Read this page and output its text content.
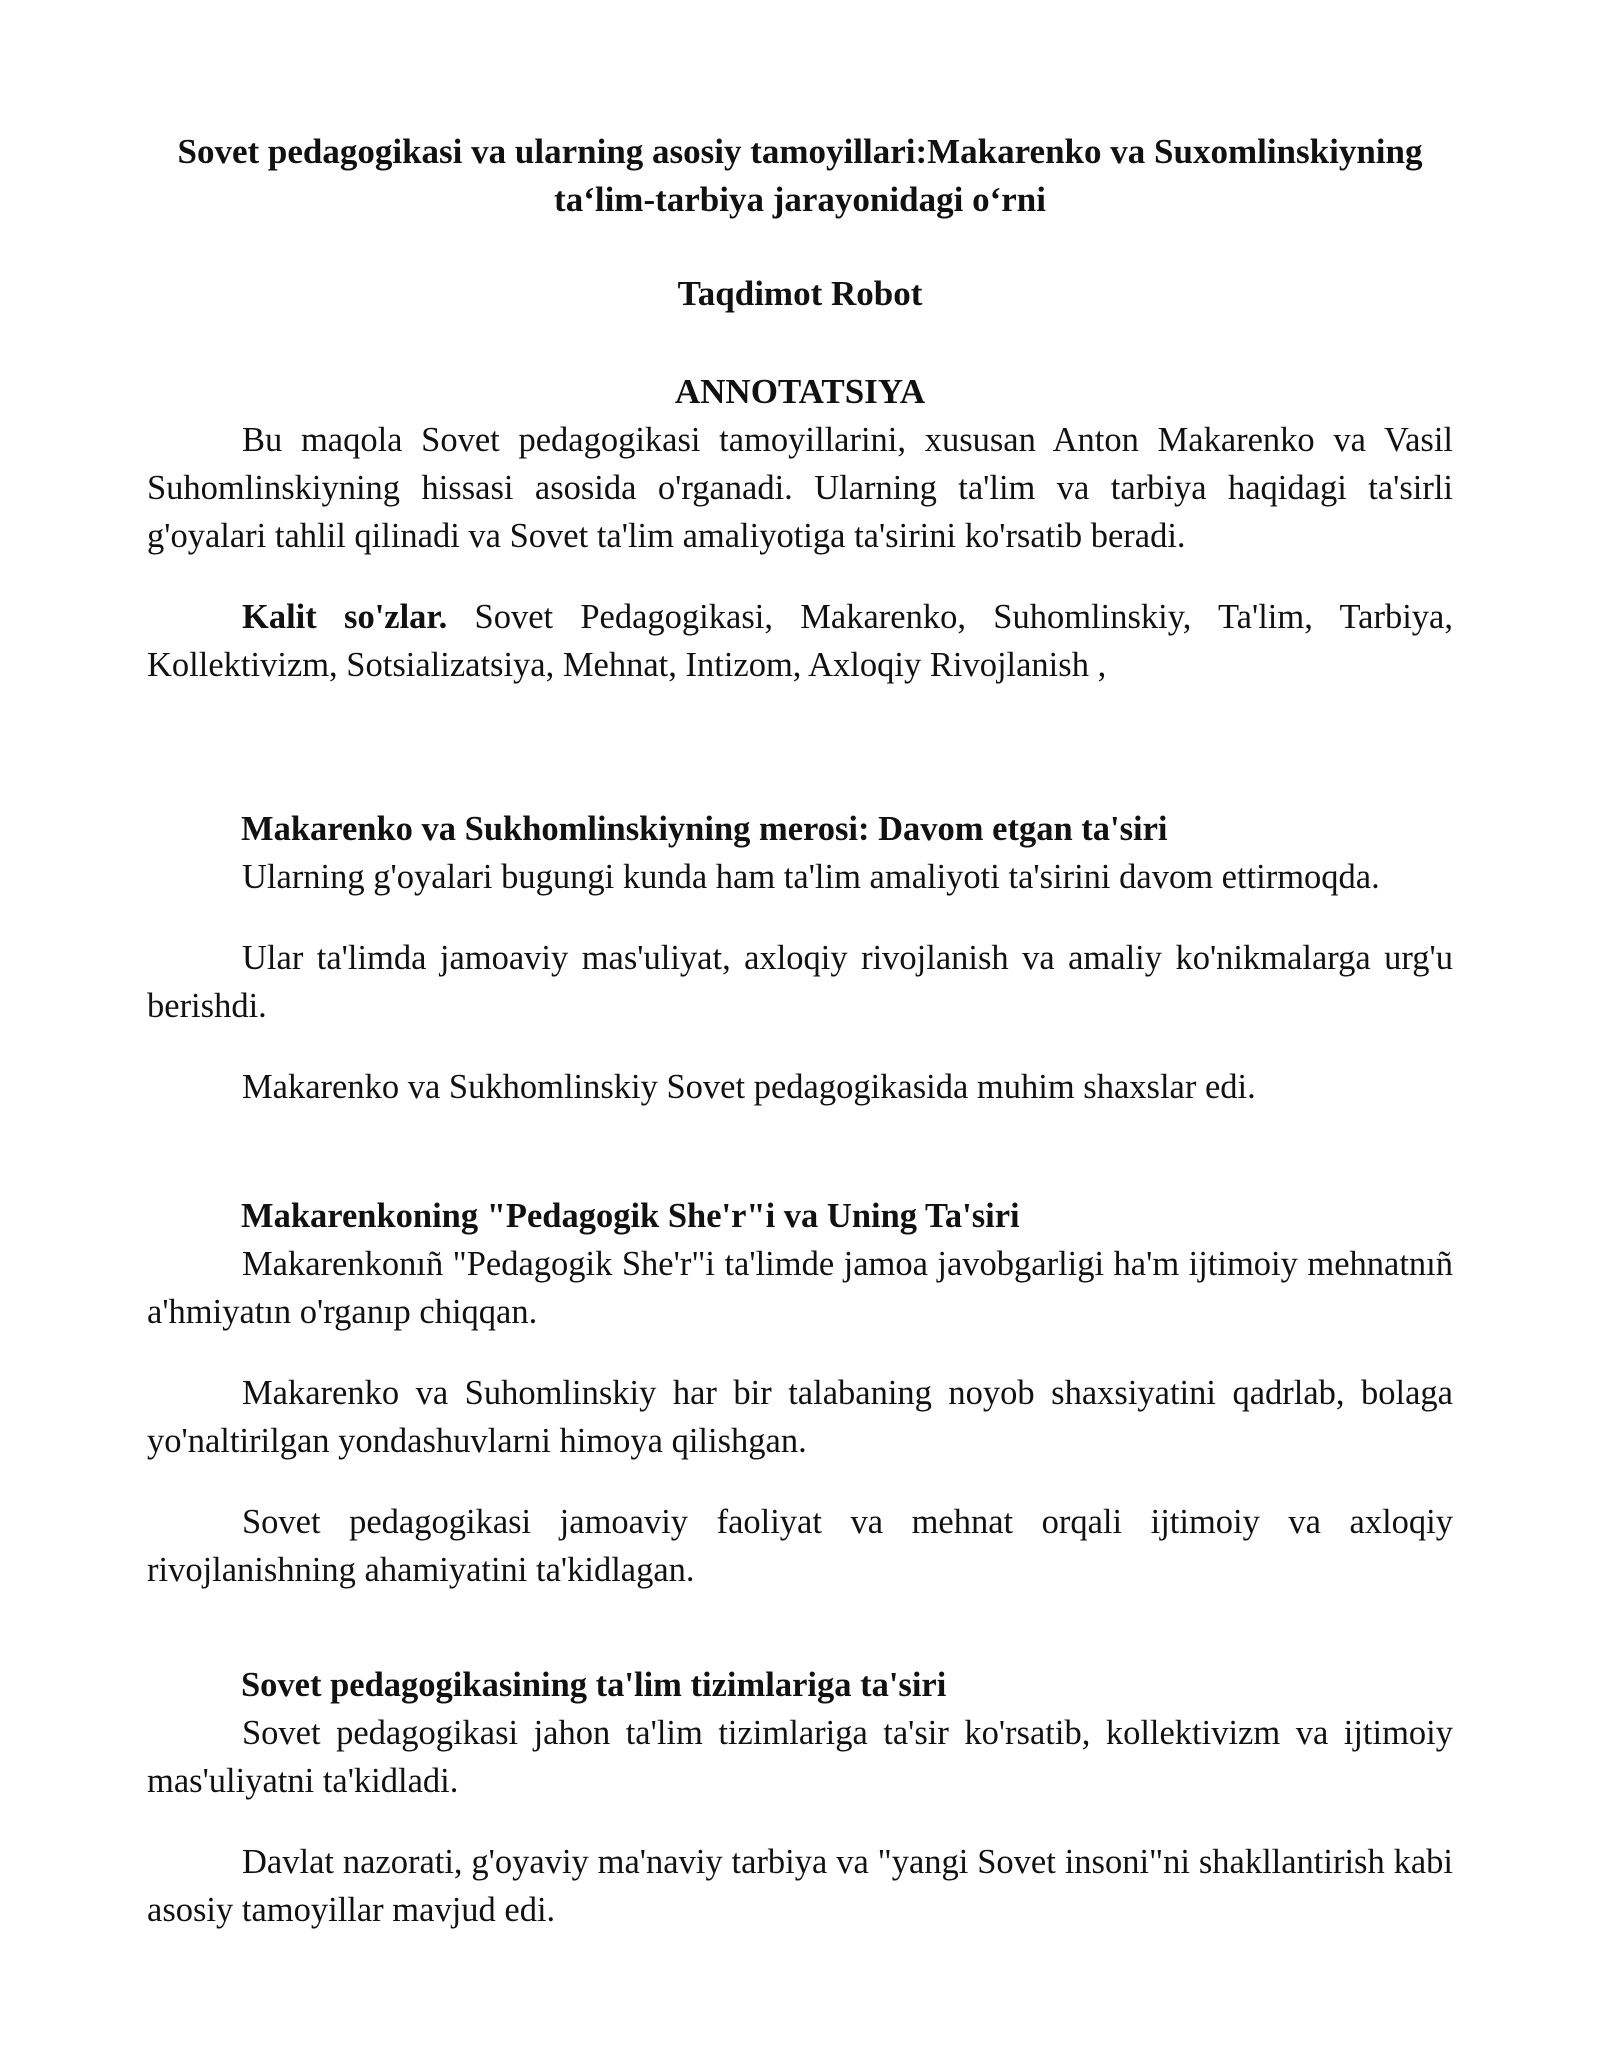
Sovet pedagogikasi va ularning asosiy tamoyillari:Makarenko va Suxomlinskiyning ta‘lim-tarbiya jarayonidagi o‘rni
Taqdimot Robot
ANNOTATSIYA

Bu maqola Sovet pedagogikasi tamoyillarini, xususan Anton Makarenko va Vasil Suhomlinskiyning hissasi asosida o'rganadi. Ularning ta'lim va tarbiya haqidagi ta'sirli g'oyalari tahlil qilinadi va Sovet ta'lim amaliyotiga ta'sirini ko'rsatib beradi.

Kalit so'zlar. Sovet Pedagogikasi, Makarenko, Suhomlinskiy, Ta'lim, Tarbiya, Kollektivizm, Sotsializatsiya, Mehnat, Intizom, Axloqiy Rivojlanish ,

Makarenko va Sukhomlinskiyning merosi: Davom etgan ta'siri

Ularning g'oyalari bugungi kunda ham ta'lim amaliyoti ta'sirini davom ettirmoqda.

Ular ta'limda jamoaviy mas'uliyat, axloqiy rivojlanish va amaliy ko'nikmalarga urg'u berishdi.

Makarenko va Sukhomlinskiy Sovet pedagogikasida muhim shaxslar edi.

Makarenkoning "Pedagogik She'r"i va Uning Ta'siri

Makarenkonıñ "Pedagogik She'r"i ta'limde jamoa javobgarligi ha'm ijtimoiy mehnatnıñ a'hmiyatın o'rganıp chiqqan.

Makarenko va Suhomlinskiy har bir talabaning noyob shaxsiyatini qadrlab, bolaga yo'naltirilgan yondashuvlarni himoya qilishgan.

Sovet pedagogikasi jamoaviy faoliyat va mehnat orqali ijtimoiy va axloqiy rivojlanishning ahamiyatini ta'kidlagan.

Sovet pedagogikasining ta'lim tizimlariga ta'siri

Sovet pedagogikasi jahon ta'lim tizimlariga ta'sir ko'rsatib, kollektivizm va ijtimoiy mas'uliyatni ta'kidladi.

Davlat nazorati, g'oyaviy ma'naviy tarbiya va "yangi Sovet insoni"ni shakllantirish kabi asosiy tamoyillar mavjud edi.
